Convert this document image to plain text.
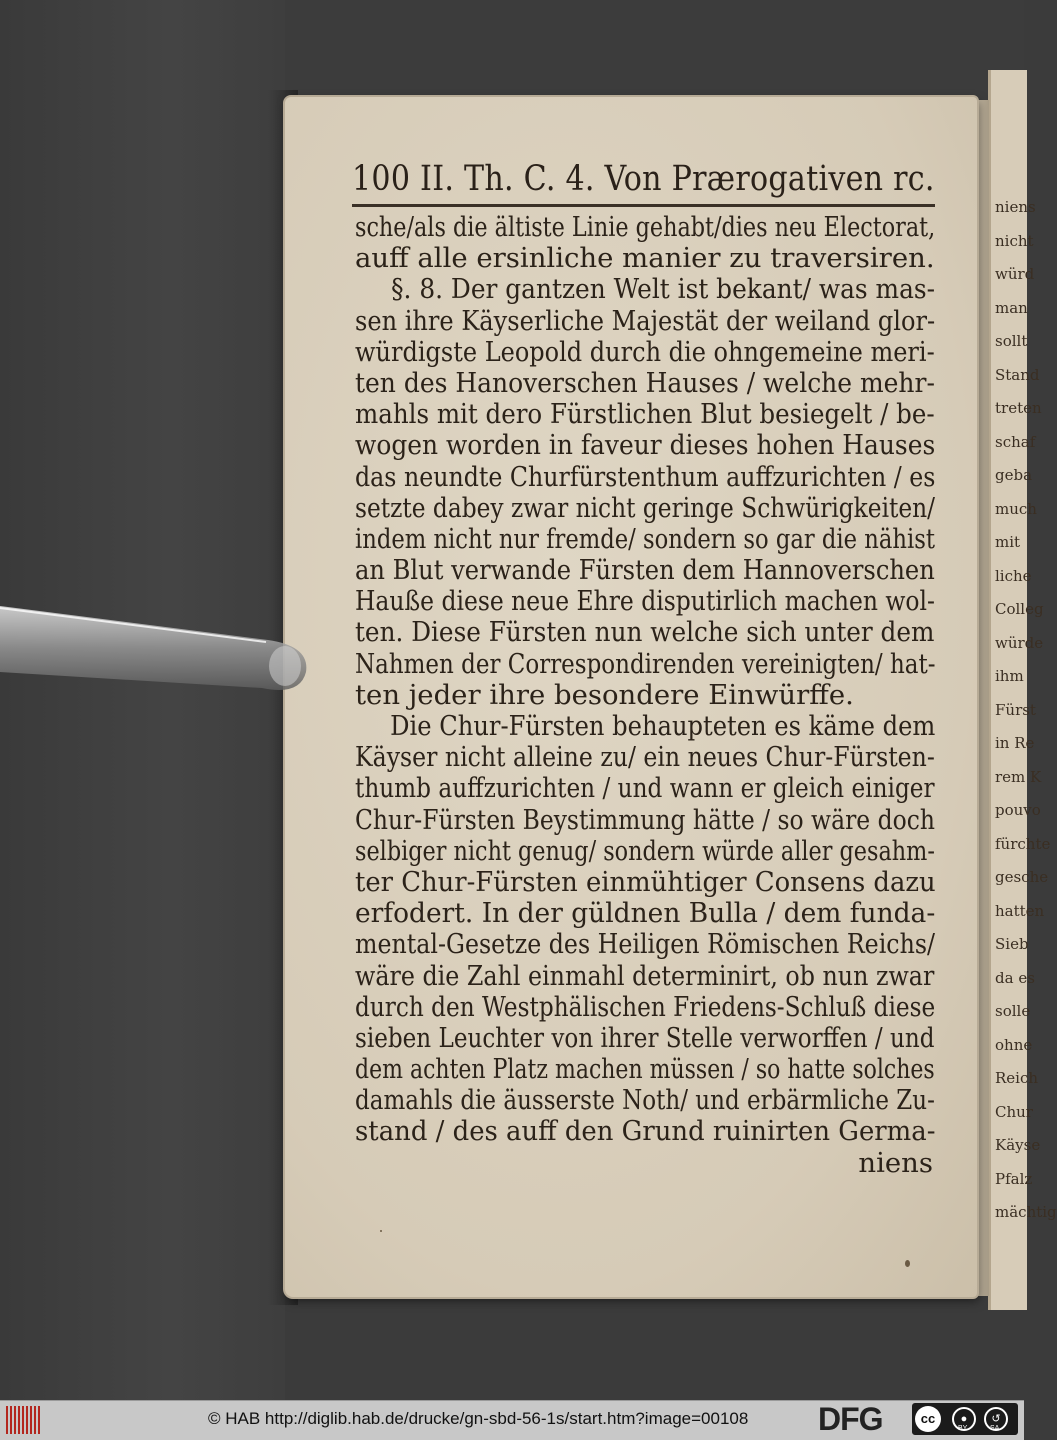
niens
nicht
würd
man
sollt
Stand
treten
schaf
geba
much
mit
liche
Colleg
würde
ihm
Fürst
in Re
rem K
pouvo
fürchte
gesche
hatten
Sieb
da es
solle
ohne
Reich
Chur
Käyse
Pfalz
mächtig
100 II. Th. C. 4. Von Prærogativen rc.
sche/als die ältiste Linie gehabt/dies neu Electorat,
auff alle ersinliche manier zu traversiren.
§. 8. Der gantzen Welt ist bekant/ was mas-
sen ihre Käyserliche Majestät der weiland glor-
würdigste Leopold durch die ohngemeine meri-
ten des Hanoverschen Hauses / welche mehr-
mahls mit dero Fürstlichen Blut besiegelt / be-
wogen worden in faveur dieses hohen Hauses
das neundte Churfürstenthum auffzurichten / es
setzte dabey zwar nicht geringe Schwürigkeiten/
indem nicht nur fremde/ sondern so gar die nähist
an Blut verwande Fürsten dem Hannoverschen
Hauße diese neue Ehre disputirlich machen wol-
ten. Diese Fürsten nun welche sich unter dem
Nahmen der Correspondirenden vereinigten/ hat-
ten jeder ihre besondere Einwürffe.
Die Chur-Fürsten behaupteten es käme dem
Käyser nicht alleine zu/ ein neues Chur-Fürsten-
thumb auffzurichten / und wann er gleich einiger
Chur-Fürsten Beystimmung hätte / so wäre doch
selbiger nicht genug/ sondern würde aller gesahm-
ter Chur-Fürsten einmühtiger Consens dazu
erfodert. In der güldnen Bulla / dem funda-
mental-Gesetze des Heiligen Römischen Reichs/
wäre die Zahl einmahl determinirt, ob nun zwar
durch den Westphälischen Friedens-Schluß diese
sieben Leuchter von ihrer Stelle verworffen / und
dem achten Platz machen müssen / so hatte solches
damahls die äusserste Noth/ und erbärmliche Zu-
stand / des auff den Grund ruinirten Germa-
niens
© HAB http://diglib.hab.de/drucke/gn-sbd-56-1s/start.htm?image=00108 DFG	cc	●	↺
BY	SA
